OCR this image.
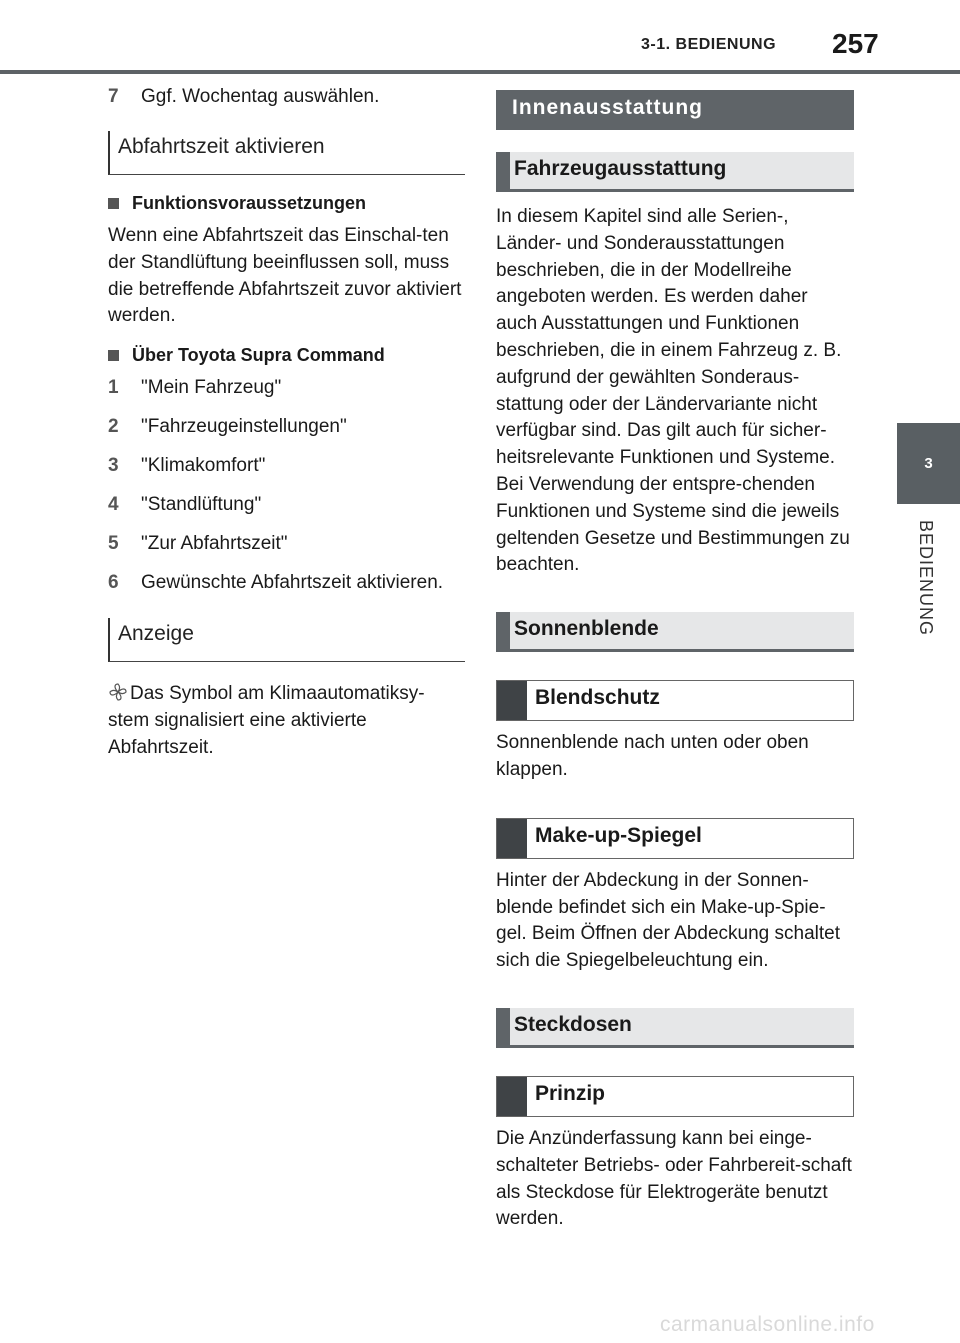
3-1. BEDIENUNG 257
3
BEDIENUNG
7	Ggf. Wochentag auswählen.
Abfahrtszeit aktivieren
Funktionsvoraussetzungen

Wenn eine Abfahrtszeit das Einschal-ten der Standlüftung beeinflussen soll, muss die betreffende Abfahrtszeit zuvor aktiviert werden.

Über Toyota Supra Command
1	"Mein Fahrzeug"
2	"Fahrzeugeinstellungen"
3	"Klimakomfort"
4	"Standlüftung"
5	"Zur Abfahrtszeit"
6	Gewünschte Abfahrtszeit aktivieren.
Anzeige

Das Symbol am Klimaautomatiksy-stem signalisiert eine aktivierte Abfahrtszeit.

Innenausstattung
Fahrzeugausstattung

In diesem Kapitel sind alle Serien-, Länder- und Sonderausstattungen beschrieben, die in der Modellreihe angeboten werden. Es werden daher auch Ausstattungen und Funktionen beschrieben, die in einem Fahrzeug z. B. aufgrund der gewählten Sonderaus-stattung oder der Ländervariante nicht verfügbar sind. Das gilt auch für sicher-heitsrelevante Funktionen und Systeme. Bei Verwendung der entspre-chenden Funktionen und Systeme sind die jeweils geltenden Gesetze und Bestimmungen zu beachten.

Sonnenblende
Blendschutz

Sonnenblende nach unten oder oben klappen.

Make-up-Spiegel

Hinter der Abdeckung in der Sonnen-blende befindet sich ein Make-up-Spie-gel. Beim Öffnen der Abdeckung schaltet sich die Spiegelbeleuchtung ein.

Steckdosen
Prinzip

Die Anzünderfassung kann bei einge-schalteter Betriebs- oder Fahrbereit-schaft als Steckdose für Elektrogeräte benutzt werden.

carmanualsonline.info
